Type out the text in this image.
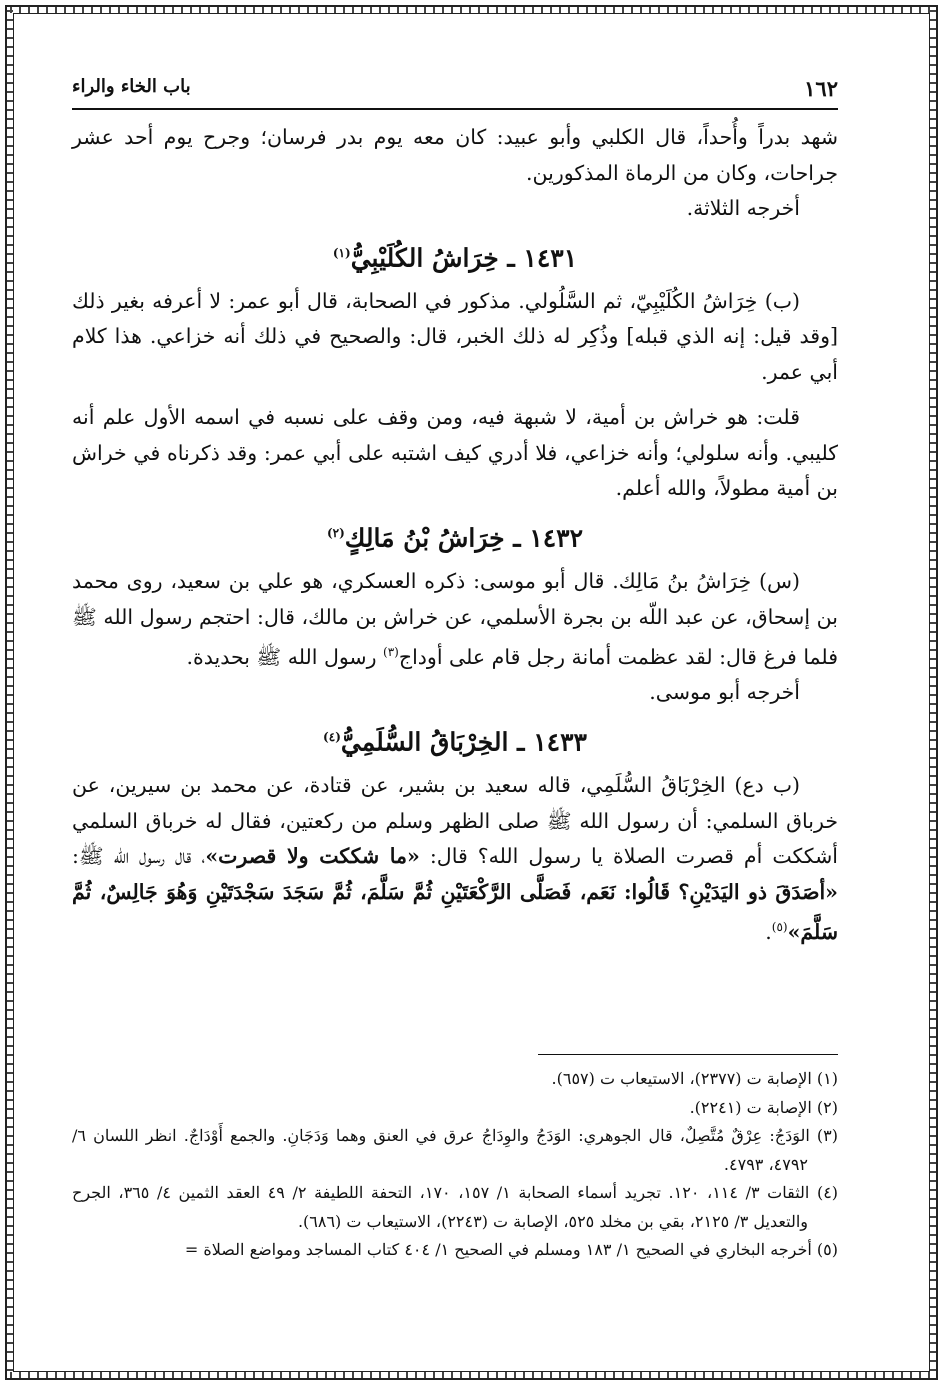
١٦٢
باب الخاء والراء

شهد بدراً وأُحداً، قال الكلبي وأبو عبيد: كان معه يوم بدر فرسان؛ وجرح يوم أحد عشر جراحات، وكان من الرماة المذكورين.

أخرجه الثلاثة.

١٤٣١ ـ خِرَاشُ الكُلَيْبِيُّ$^{(١)}$

(ب) خِرَاشُ الكُلَيْبِيّ، ثم السَّلُولي. مذكور في الصحابة، قال أبو عمر: لا أعرفه بغير ذلك [وقد قيل: إنه الذي قبله] وذُكِر له ذلك الخبر، قال: والصحيح في ذلك أنه خزاعي. هذا كلام أبي عمر.

قلت: هو خراش بن أمية، لا شبهة فيه، ومن وقف على نسبه في اسمه الأول علم أنه كليبي. وأنه سلولي؛ وأنه خزاعي، فلا أدري كيف اشتبه على أبي عمر: وقد ذكرناه في خراش بن أمية مطولاً، والله أعلم.

١٤٣٢ ـ خِرَاشُ بْنُ مَالِكٍ$^{(٢)}$

(س) خِرَاشُ بنُ مَالِك. قال أبو موسى: ذكره العسكري، هو علي بن سعيد، روى محمد بن إسحاق، عن عبد اللّه بن بجرة الأسلمي، عن خراش بن مالك، قال: احتجم رسول الله ﷺ فلما فرغ قال: لقد عظمت أمانة رجل قام على أوداج$^{(٣)}$ رسول الله ﷺ بحديدة.

أخرجه أبو موسى.

١٤٣٣ ـ الخِرْبَاقُ السُّلَمِيُّ$^{(٤)}$

(ب دع) الخِرْبَاقُ السُّلَمِي، قاله سعيد بن بشير، عن قتادة، عن محمد بن سيرين، عن خرباق السلمي: أن رسول الله ﷺ صلى الظهر وسلم من ركعتين، فقال له خرباق السلمي أشككت أم قصرت الصلاة يا رسول الله؟ قال: «ما شككت ولا قصرت»، قال رسول الله ﷺ: «أصَدَقَ ذو اليَدَيْنِ؟ قَالُوا: نَعَم، فَصَلَّى الرَّكْعَتَيْنِ ثُمَّ سَلَّمَ، ثُمَّ سَجَدَ سَجْدَتَيْنِ وَهُوَ جَالِسٌ، ثُمَّ سَلَّمَ»$^{(٥)}$.

(١) الإصابة ت (٢٣٧٧)، الاستيعاب ت (٦٥٧).

(٢) الإصابة ت (٢٢٤١).

(٣) الوَدَجُ: عِرْقٌ مُتَّصِلٌ، قال الجوهري: الوَدَجُ والوِدَاجُ عرق في العنق وهما وَدَجَانِ. والجمع أَوْدَاجٌ. انظر اللسان ٦/ ٤٧٩٢، ٤٧٩٣.

(٤) الثقات ٣/ ١١٤، ١٢٠. تجريد أسماء الصحابة ١/ ١٥٧، ١٧٠، التحفة اللطيفة ٢/ ٤٩ العقد الثمين ٤/ ٣٦٥، الجرح والتعديل ٣/ ٢١٢٥، بقي بن مخلد ٥٢٥، الإصابة ت (٢٢٤٣)، الاستيعاب ت (٦٨٦).

(٥) أخرجه البخاري في الصحيح ١/ ١٨٣ ومسلم في الصحيح ١/ ٤٠٤ كتاب المساجد ومواضع الصلاة =
